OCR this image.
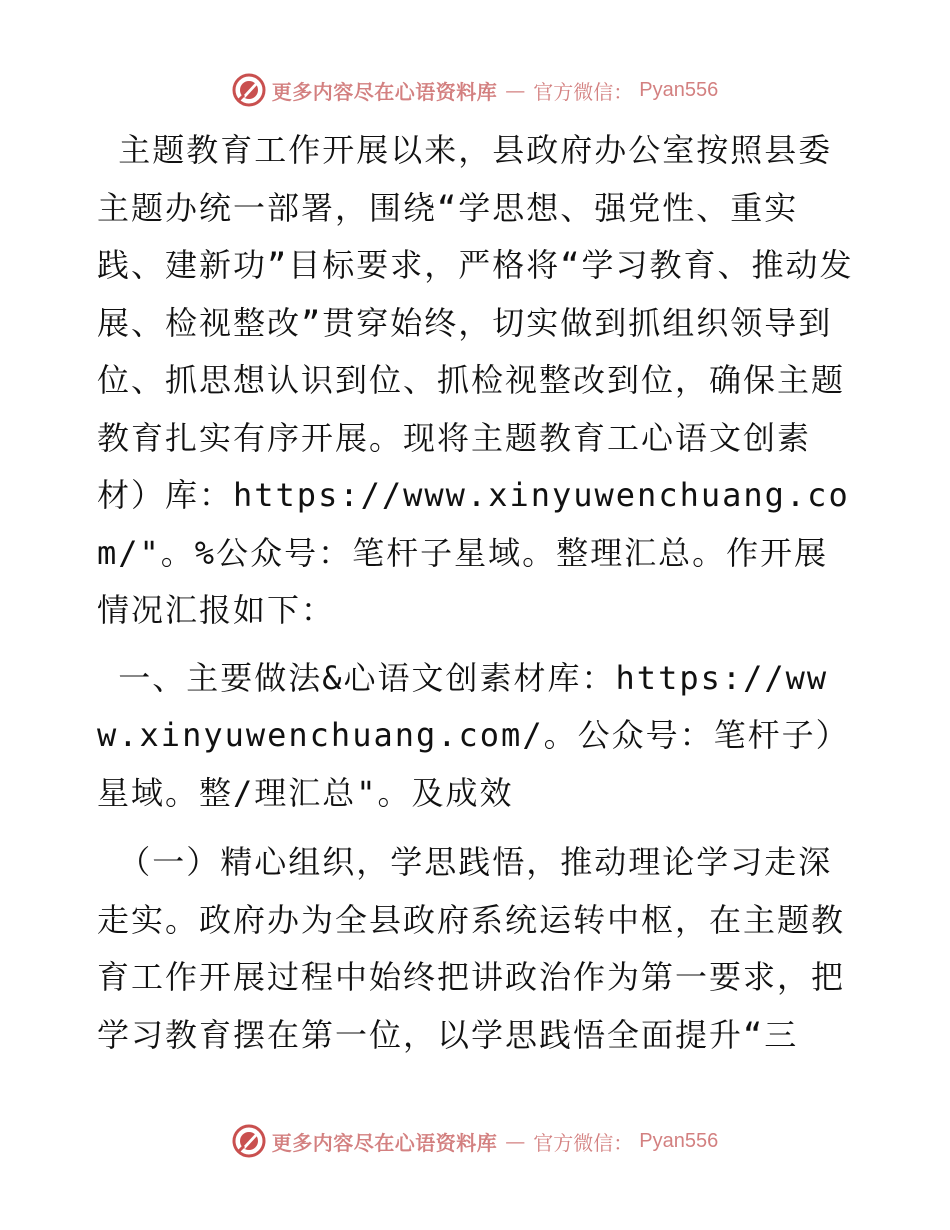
更多内容尽在心语资料库 — 官方微信： Pyan556

主题教育工作开展以来，县政府办公室按照县委主题办统一部署，围绕“学思想、强党性、重实践、建新功”目标要求，严格将“学习教育、推动发展、检视整改”贯穿始终，切实做到抓组织领导到位、抓思想认识到位、抓检视整改到位，确保主题教育扎实有序开展。现将主题教育工心语文创素材）库：https://www.xinyuwenchuang.com/"。%公众号：笔杆子星域。整理汇总。作开展情况汇报如下：

一、主要做法&心语文创素材库：https://www.xinyuwenchuang.com/。公众号：笔杆子）星域。整/理汇总"。及成效

（一）精心组织，学思践悟，推动理论学习走深走实。政府办为全县政府系统运转中枢，在主题教育工作开展过程中始终把讲政治作为第一要求，把学习教育摆在第一位，以学思践悟全面提升“三

更多内容尽在心语资料库 — 官方微信： Pyan556
